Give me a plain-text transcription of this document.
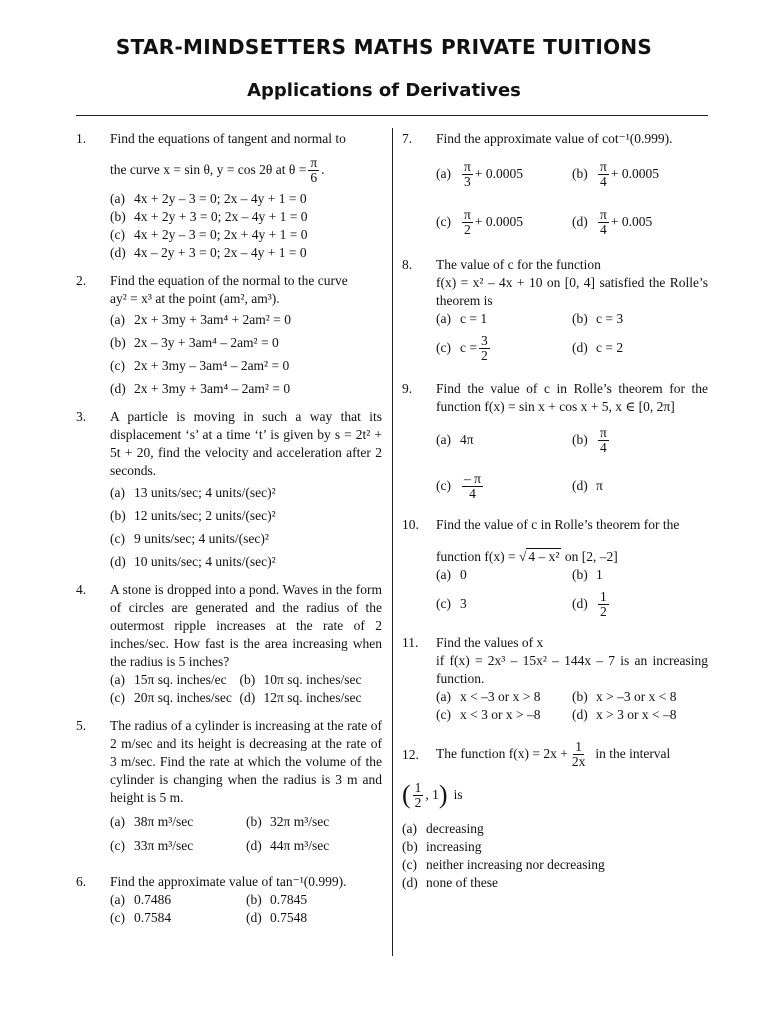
STAR-MINDSETTERS MATHS PRIVATE TUITIONS
Applications of Derivatives
1.	Find the equations of tangent and normal to
the curve x = sin θ, y = cos 2θ at $\theta = \frac{\pi}{6}$ .
(a) 4x + 2y – 3 = 0; 2x – 4y + 1 = 0
(b) 4x + 2y + 3 = 0; 2x – 4y + 1 = 0
(c) 4x + 2y – 3 = 0; 2x + 4y + 1 = 0
(d) 4x – 2y + 3 = 0; 2x – 4y + 1 = 0
2.	Find the equation of the normal to the curve
ay² = x³ at the point (am², am³).
(a) 2x + 3my + 3am⁴ + 2am² = 0
(b) 2x – 3y + 3am⁴ – 2am² = 0
(c) 2x + 3my – 3am⁴ – 2am² = 0
(d) 2x + 3my + 3am⁴ – 2am² = 0
3.	A particle is moving in such a way that its displacement ‘s’ at a time ‘t’ is given by s = 2t² + 5t + 20, find the velocity and acceleration after 2 seconds.
(a) 13 units/sec; 4 units/(sec)²
(b) 12 units/sec; 2 units/(sec)²
(c) 9 units/sec; 4 units/(sec)²
(d) 10 units/sec; 4 units/(sec)²
4.	A stone is dropped into a pond. Waves in the form of circles are generated and the radius of the outermost ripple increases at the rate of 2 inches/sec. How fast is the area increasing when the radius is 5 inches?
(a) 15π sq. inches/ec (b) 10π sq. inches/sec
(c) 20π sq. inches/sec (d) 12π sq. inches/sec
5.	The radius of a cylinder is increasing at the rate of 2 m/sec and its height is decreasing at the rate of 3 m/sec. Find the rate at which the volume of the cylinder is changing when the radius is 3 m and height is 5 m.
(a) 38π m³/sec	(b) 32π m³/sec
(c) 33π m³/sec	(d) 44π m³/sec
6.	Find the approximate value of tan⁻¹(0.999).
(a) 0.7486	(b) 0.7845
(c) 0.7584	(d) 0.7548
7.	Find the approximate value of cot⁻¹(0.999).
$(a) \frac{\pi}{3} + 0.0005$	$(b) \frac{\pi}{4} + 0.0005$
$(c) \frac{\pi}{2} + 0.0005$	$(d) \frac{\pi}{4} + 0.005$
8.	The value of c for the function
f(x) = x² – 4x + 10 on [0, 4] satisfied the Rolle’s theorem is
(a) c = 1	(b) c = 3
(c) $c = \frac{3}{2}$	(d) c = 2
9.	Find the value of c in Rolle’s theorem for the function f(x) = sin x + cos x + 5, x ∈ [0, 2π]
(a) 4π	$(b) \frac{\pi}{4}$
$(c) \frac{- \pi}{4}$	(d) π
10.	Find the value of c in Rolle’s theorem for the
function f(x) = √ 4 – x² on [2, –2]
(a) 0	(b) 1
(c) 3	$(d) \frac{1}{2}$
11.	Find the values of x
if f(x) = 2x³ – 15x² – 144x – 7 is an increasing function.
(a) x < –3 or x > 8 (b) x > –3 or x < 8
(c) x < 3 or x > –8 (d) x > 3 or x < –8
12.	The function $f(x) = 2x + \frac{1}{2x}$ in the interval
( $\frac{1}{2}$ , 1 ) is
(a) decreasing
(b) increasing
(c) neither increasing nor decreasing
(d) none of these
